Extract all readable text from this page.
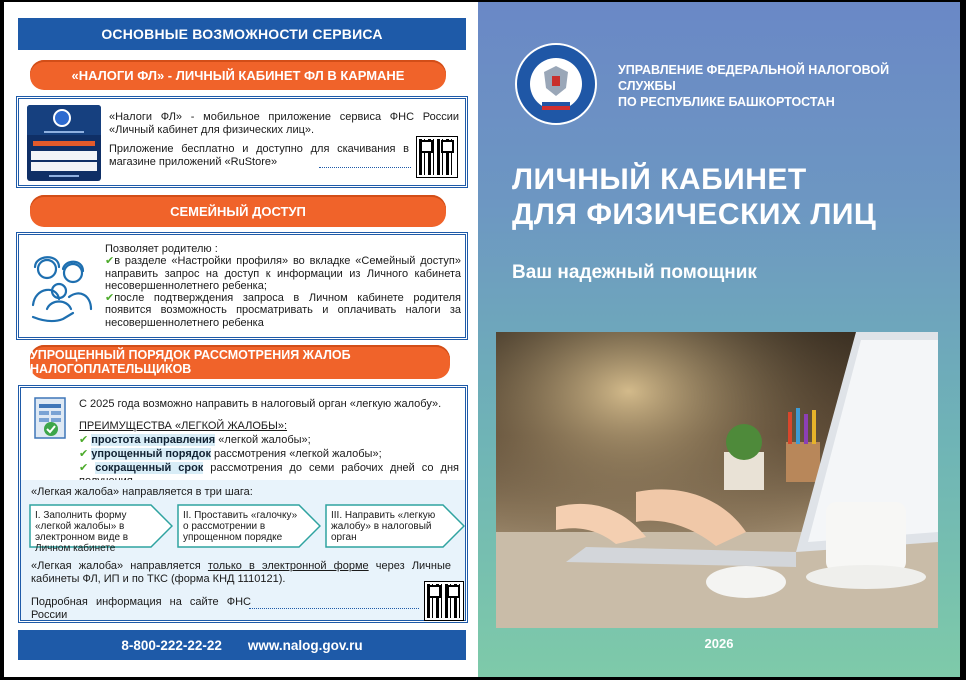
ОСНОВНЫЕ ВОЗМОЖНОСТИ СЕРВИСА
«НАЛОГИ ФЛ» - ЛИЧНЫЙ КАБИНЕТ ФЛ В КАРМАНЕ
«Налоги ФЛ» - мобильное приложение сервиса ФНС России «Личный кабинет для физических лиц».
Приложение бесплатно и доступно для скачивания в магазине приложений «RuStore»
СЕМЕЙНЫЙ ДОСТУП
Позволяет родителю :
✔в разделе «Настройки профиля» во вкладке «Семейный доступ» направить запрос на доступ к информации из Личного кабинета несовершеннолетнего ребенка;
✔после подтверждения запроса в Личном кабинете родителя появится возможность просматривать и оплачивать налоги за несовершеннолетнего ребенка
УПРОЩЕННЫЙ ПОРЯДОК РАССМОТРЕНИЯ ЖАЛОБ НАЛОГОПЛАТЕЛЬЩИКОВ
С 2025 года возможно направить в налоговый орган «легкую жалобу».
ПРЕИМУЩЕСТВА «ЛЕГКОЙ ЖАЛОБЫ»:
✔ простота направления «легкой жалобы»;
✔ упрощенный порядок рассмотрения «легкой жалобы»;
✔ сокращенный срок рассмотрения до семи рабочих дней со дня
«Легкая жалоба» направляется в три шага:
I. Заполнить форму «легкой жалобы» в электронном виде в Личном кабинете
II. Проставить «галочку» о рассмотрении в упрощенном порядке
III. Направить «легкую жалобу» в налоговый орган
«Легкая жалоба» направляется только в электронной форме через Личные кабинеты ФЛ, ИП и по ТКС (форма КНД 1110121).
Подробная информация на сайте ФНС России
8-800-222-22-22 www.nalog.gov.ru
УПРАВЛЕНИЕ ФЕДЕРАЛЬНОЙ НАЛОГОВОЙ СЛУЖБЫ
ПО РЕСПУБЛИКЕ БАШКОРТОСТАН
ЛИЧНЫЙ КАБИНЕТ
ДЛЯ ФИЗИЧЕСКИХ ЛИЦ
Ваш надежный помощник
2026
